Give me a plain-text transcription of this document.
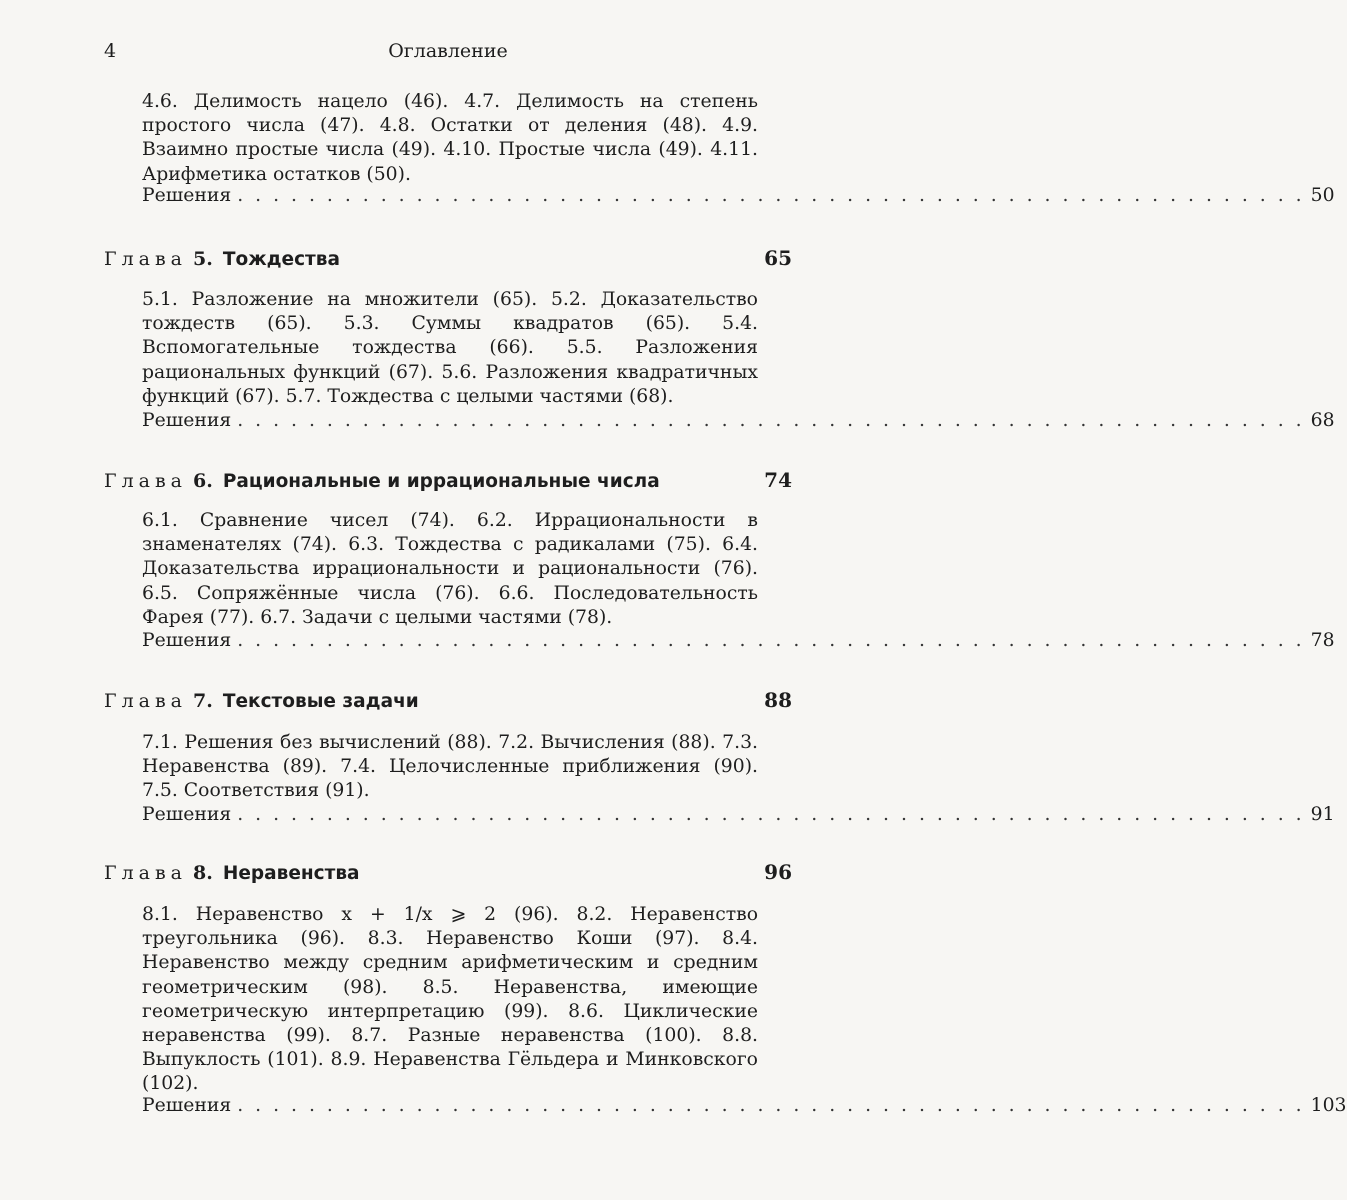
4	Оглавление
4.6. Делимость нацело (46). 4.7. Делимость на степень простого числа (47). 4.8. Остатки от деления (48). 4.9. Взаимно простые числа (49). 4.10. Простые числа (49). 4.11. Арифметика остатков (50).
Решения . . . . . . . . . . . . . . . . . . . . . . . . . . . . . . . . . . . . . . . . . . . . . . . . . . . . . . . . . . . . 50
Глава 5. Тождества	65
5.1. Разложение на множители (65). 5.2. Доказательство тождеств (65). 5.3. Суммы квадратов (65). 5.4. Вспомогательные тождества (66). 5.5. Разложения рациональных функций (67). 5.6. Разложения квадратичных функций (67). 5.7. Тождества с целыми частями (68).
Решения . . . . . . . . . . . . . . . . . . . . . . . . . . . . . . . . . . . . . . . . . . . . . . . . . . . . . . . . . . . . 68
Глава 6. Рациональные и иррациональные числа	74
6.1. Сравнение чисел (74). 6.2. Иррациональности в знаменателях (74). 6.3. Тождества с радикалами (75). 6.4. Доказательства иррациональности и рациональности (76). 6.5. Сопряжённые числа (76). 6.6. Последовательность Фарея (77). 6.7. Задачи с целыми частями (78).
Решения . . . . . . . . . . . . . . . . . . . . . . . . . . . . . . . . . . . . . . . . . . . . . . . . . . . . . . . . . . . . 78
Глава 7. Текстовые задачи	88
7.1. Решения без вычислений (88). 7.2. Вычисления (88). 7.3. Неравенства (89). 7.4. Целочисленные приближения (90). 7.5. Соответствия (91).
Решения . . . . . . . . . . . . . . . . . . . . . . . . . . . . . . . . . . . . . . . . . . . . . . . . . . . . . . . . . . . . 91
Глава 8. Неравенства	96
8.1. Неравенство x + 1/x ⩾ 2 (96). 8.2. Неравенство треугольника (96). 8.3. Неравенство Коши (97). 8.4. Неравенство между средним арифметическим и средним геометрическим (98). 8.5. Неравенства, имеющие геометрическую интерпретацию (99). 8.6. Циклические неравенства (99). 8.7. Разные неравенства (100). 8.8. Выпуклость (101). 8.9. Неравенства Гёльдера и Минковского (102).
Решения . . . . . . . . . . . . . . . . . . . . . . . . . . . . . . . . . . . . . . . . . . . . . . . . . . . . . . . . . . . . 103
